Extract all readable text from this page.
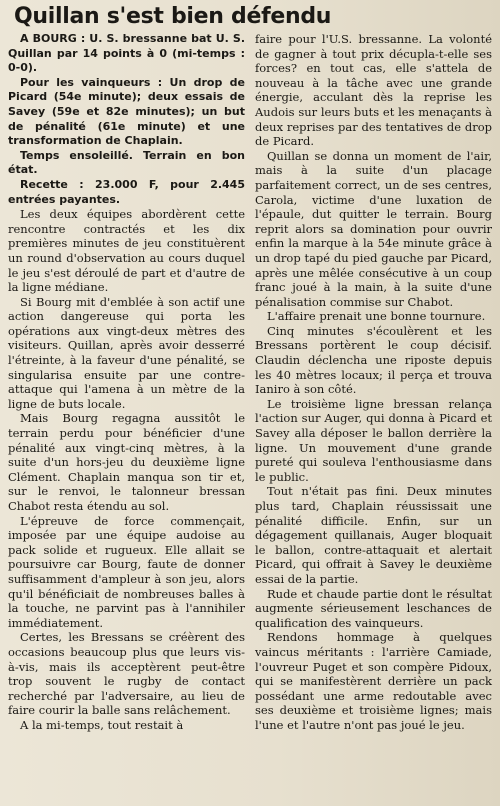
Quillan s'est bien défendu

A BOURG : U. S. bressanne bat U. S. Quillan par 14 points à 0 (mi-temps : 0-0).

Pour les vainqueurs : Un drop de Picard (54e minute); deux essais de Savey (59e et 82e minutes); un but de pénalité (61e minute) et une transformation de Chaplain.

Temps ensoleillé. Terrain en bon état.

Recette : 23.000 F, pour 2.445 entrées payantes.

Les deux équipes abordèrent cette rencontre contractés et les dix premières minutes de jeu constituèrent un round d'observation au cours duquel le jeu s'est déroulé de part et d'autre de la ligne médiane.

Si Bourg mit d'emblée à son actif une action dangereuse qui porta les opérations aux vingt-deux mètres des visiteurs. Quillan, après avoir desserré l'étreinte, à la faveur d'une pénalité, se singularisa ensuite par une contre-attaque qui l'amena à un mètre de la ligne de buts locale.

Mais Bourg regagna aussitôt le terrain perdu pour bénéficier d'une pénalité aux vingt-cinq mètres, à la suite d'un hors-jeu du deuxième ligne Clément. Chaplain manqua son tir et, sur le renvoi, le talonneur bressan Chabot resta étendu au sol.

L'épreuve de force commençait, imposée par une équipe audoise au pack solide et rugueux. Elle allait se poursuivre car Bourg, faute de donner suffisamment d'ampleur à son jeu, alors qu'il bénéficiait de nombreuses balles à la touche, ne parvint pas à l'annihiler immédiatement.

Certes, les Bressans se créèrent des occasions beaucoup plus que leurs vis-à-vis, mais ils acceptèrent peut-être trop souvent le rugby de contact recherché par l'adversaire, au lieu de faire courir la balle sans relâchement.

A la mi-temps, tout restait à

faire pour l'U.S. bressanne. La volonté de gagner à tout prix décupla-t-elle ses forces? en tout cas, elle s'attela de nouveau à la tâche avec une grande énergie, acculant dès la reprise les Audois sur leurs buts et les menaçants à deux reprises par des tentatives de drop de Picard.

Quillan se donna un moment de l'air, mais à la suite d'un placage parfaitement correct, un de ses centres, Carola, victime d'une luxation de l'épaule, dut quitter le terrain. Bourg reprit alors sa domination pour ouvrir enfin la marque à la 54e minute grâce à un drop tapé du pied gauche par Picard, après une mêlée consécutive à un coup franc joué à la main, à la suite d'une pénalisation commise sur Chabot.

L'affaire prenait une bonne tournure.

Cinq minutes s'écoulèrent et les Bressans portèrent le coup décisif. Claudin déclencha une riposte depuis les 40 mètres locaux; il perça et trouva Ianiro à son côté.

Le troisième ligne bressan relança l'action sur Auger, qui donna à Picard et Savey alla déposer le ballon derrière la ligne. Un mouvement d'une grande pureté qui souleva l'enthousiasme dans le public.

Tout n'était pas fini. Deux minutes plus tard, Chaplain réussissait une pénalité difficile. Enfin, sur un dégagement quillanais, Auger bloquait le ballon, contre-attaquait et alertait Picard, qui offrait à Savey le deuxième essai de la partie.

Rude et chaude partie dont le résultat augmente sérieusement leschances de qualification des vainqueurs.

Rendons hommage à quelques vaincus méritants : l'arrière Camiade, l'ouvreur Puget et son compère Pidoux, qui se manifestèrent derrière un pack possédant une arme redoutable avec ses deuxième et troisième lignes; mais l'une et l'autre n'ont pas joué le jeu.
